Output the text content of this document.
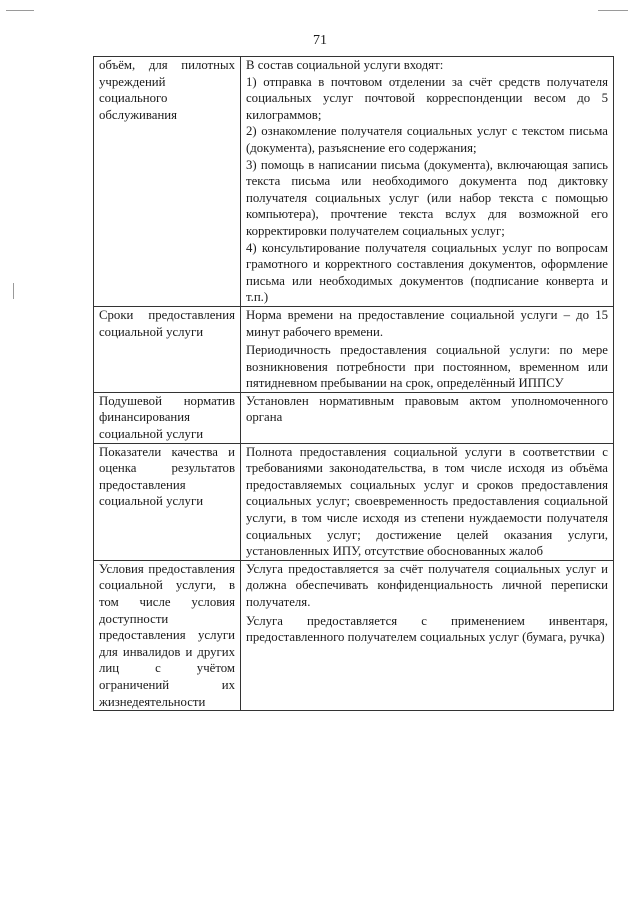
71

объём, для пилотных учреждений социального обслуживания	В состав социальной услуги входят:

1) отправка в почтовом отделении за счёт средств получателя социальных услуг почтовой корреспонденции весом до 5 килограммов;

2) ознакомление получателя социальных услуг с текстом письма (документа), разъяснение его содержания;

3) помощь в написании письма (документа), включающая запись текста письма или необходимого документа под диктовку получателя социальных услуг (или набор текста с помощью компьютера), прочтение текста вслух для возможной его корректировки получателем социальных услуг;

4) консультирование получателя социальных услуг по вопросам грамотного и корректного составления документов, оформление письма или необходимых документов (подписание конверта и т.п.)

Сроки предоставления социальной услуги	Норма времени на предоставление социальной услуги – до 15 минут рабочего времени.

Периодичность предоставления социальной услуги: по мере возникновения потребности при постоянном, временном или пятидневном пребывании на срок, определённый ИППСУ

Подушевой норматив финансирования социальной услуги	Установлен нормативным правовым актом уполномоченного органа

Показатели качества и оценка результатов предоставления социальной услуги	Полнота предоставления социальной услуги в соответствии с требованиями законодательства, в том числе исходя из объёма предоставляемых социальных услуг и сроков предоставления социальных услуг; своевременность предоставления социальной услуги, в том числе исходя из степени нуждаемости получателя социальных услуг; достижение целей оказания услуги, установленных ИПУ, отсутствие обоснованных жалоб

Условия предоставления социальной услуги, в том числе условия доступности предоставления услуги для инвалидов и других лиц с учётом ограничений их жизнедеятельности	Услуга предоставляется за счёт получателя социальных услуг и должна обеспечивать конфиденциальность личной переписки получателя.

Услуга предоставляется с применением инвентаря, предоставленного получателем социальных услуг (бумага, ручка)
